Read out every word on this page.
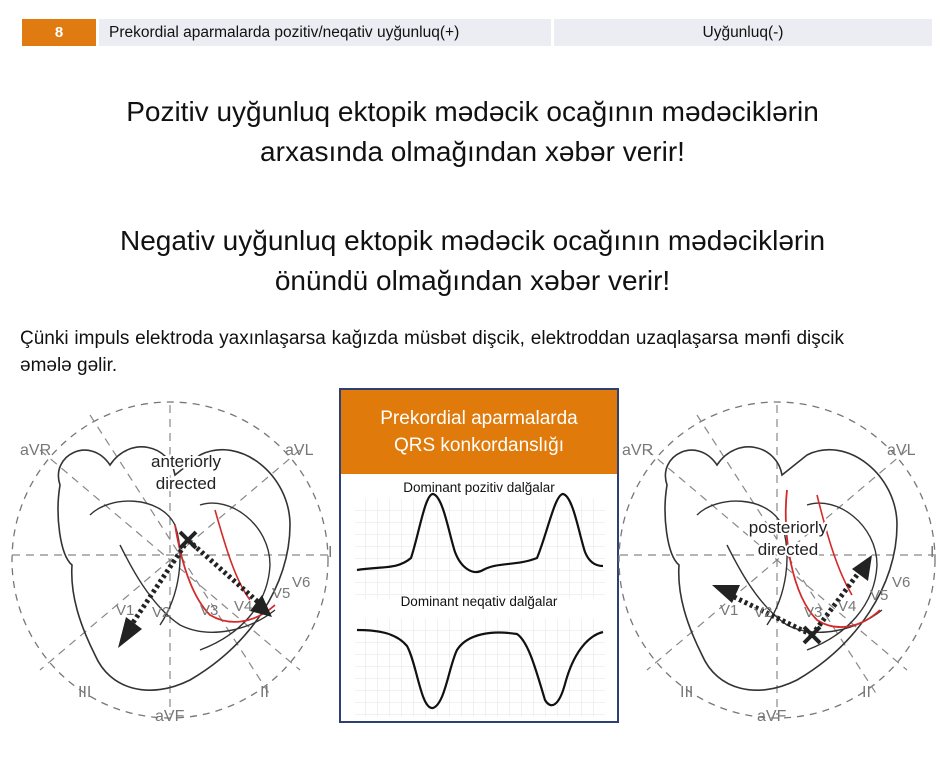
8	Prekordial aparmalarda pozitiv/neqativ uyğunluq(+)	Uyğunluq(-)
Pozitiv uyğunluq ektopik mədəcik ocağının mədəciklərin
arxasında olmağından xəbər verir!
Negativ uyğunluq ektopik mədəcik ocağının mədəciklərin
önündü olmağından xəbər verir!
Çünki impuls elektroda yaxınlaşarsa kağızda müsbət dişcik, elektroddan uzaqlaşarsa mənfi dişcik əmələ gəlir.
aVR	aVL
I
II
III
aVF
V1 V2 V3 V4
V5
V6
anteriorly
directed
Prekordial aparmalarda
QRS konkordanslığı
Dominant pozitiv dalğalar
Dominant neqativ dalğalar
aVR	aVL
I
II
III
aVF
V1 V2 V3 V4
V5
V6
posteriorly
directed
